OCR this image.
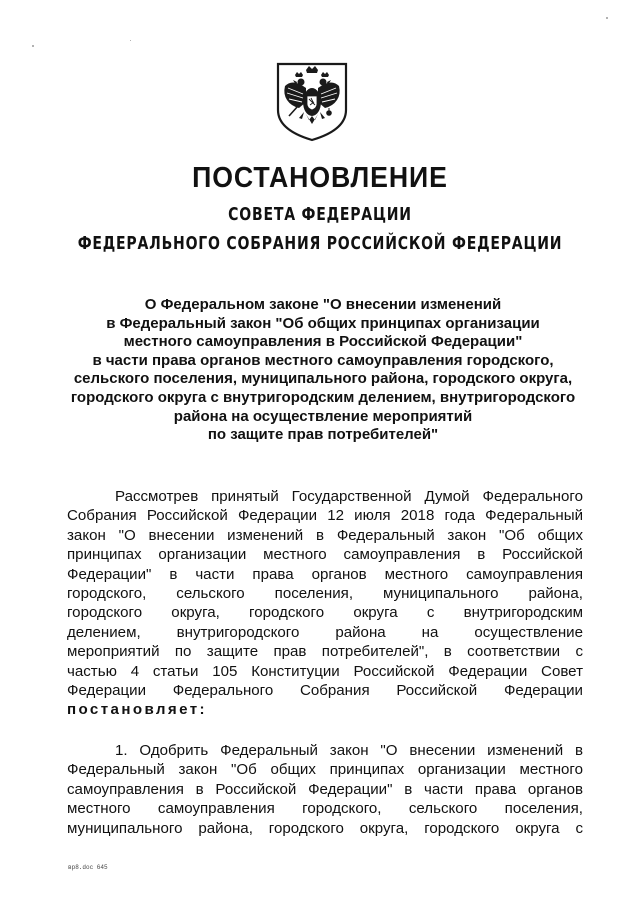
ПОСТАНОВЛЕНИЕ
СОВЕТА ФЕДЕРАЦИИ
ФЕДЕРАЛЬНОГО СОБРАНИЯ РОССИЙСКОЙ ФЕДЕРАЦИИ
О Федеральном законе "О внесении изменений
в Федеральный закон "Об общих принципах организации
местного самоуправления в Российской Федерации"
в части права органов местного самоуправления городского,
сельского поселения, муниципального района, городского округа,
городского округа с внутригородским делением, внутригородского
района на осуществление мероприятий
по защите прав потребителей"
Рассмотрев принятый Государственной Думой Федерального
Собрания Российской Федерации 12 июля 2018 года Федеральный
закон "О внесении изменений в Федеральный закон "Об общих
принципах организации местного самоуправления в Российской
Федерации" в части права органов местного самоуправления
городского, сельского поселения, муниципального района,
городского округа, городского округа с внутригородским
делением, внутригородского района на осуществление
мероприятий по защите прав потребителей", в соответствии с
частью 4 статьи 105 Конституции Российской Федерации Совет
Федерации Федерального Собрания Российской Федерации
постановляет:
1. Одобрить Федеральный закон "О внесении изменений в
Федеральный закон "Об общих принципах организации местного
самоуправления в Российской Федерации" в части права органов
местного самоуправления городского, сельского поселения,
муниципального района, городского округа, городского округа с
вр8.doc 645
